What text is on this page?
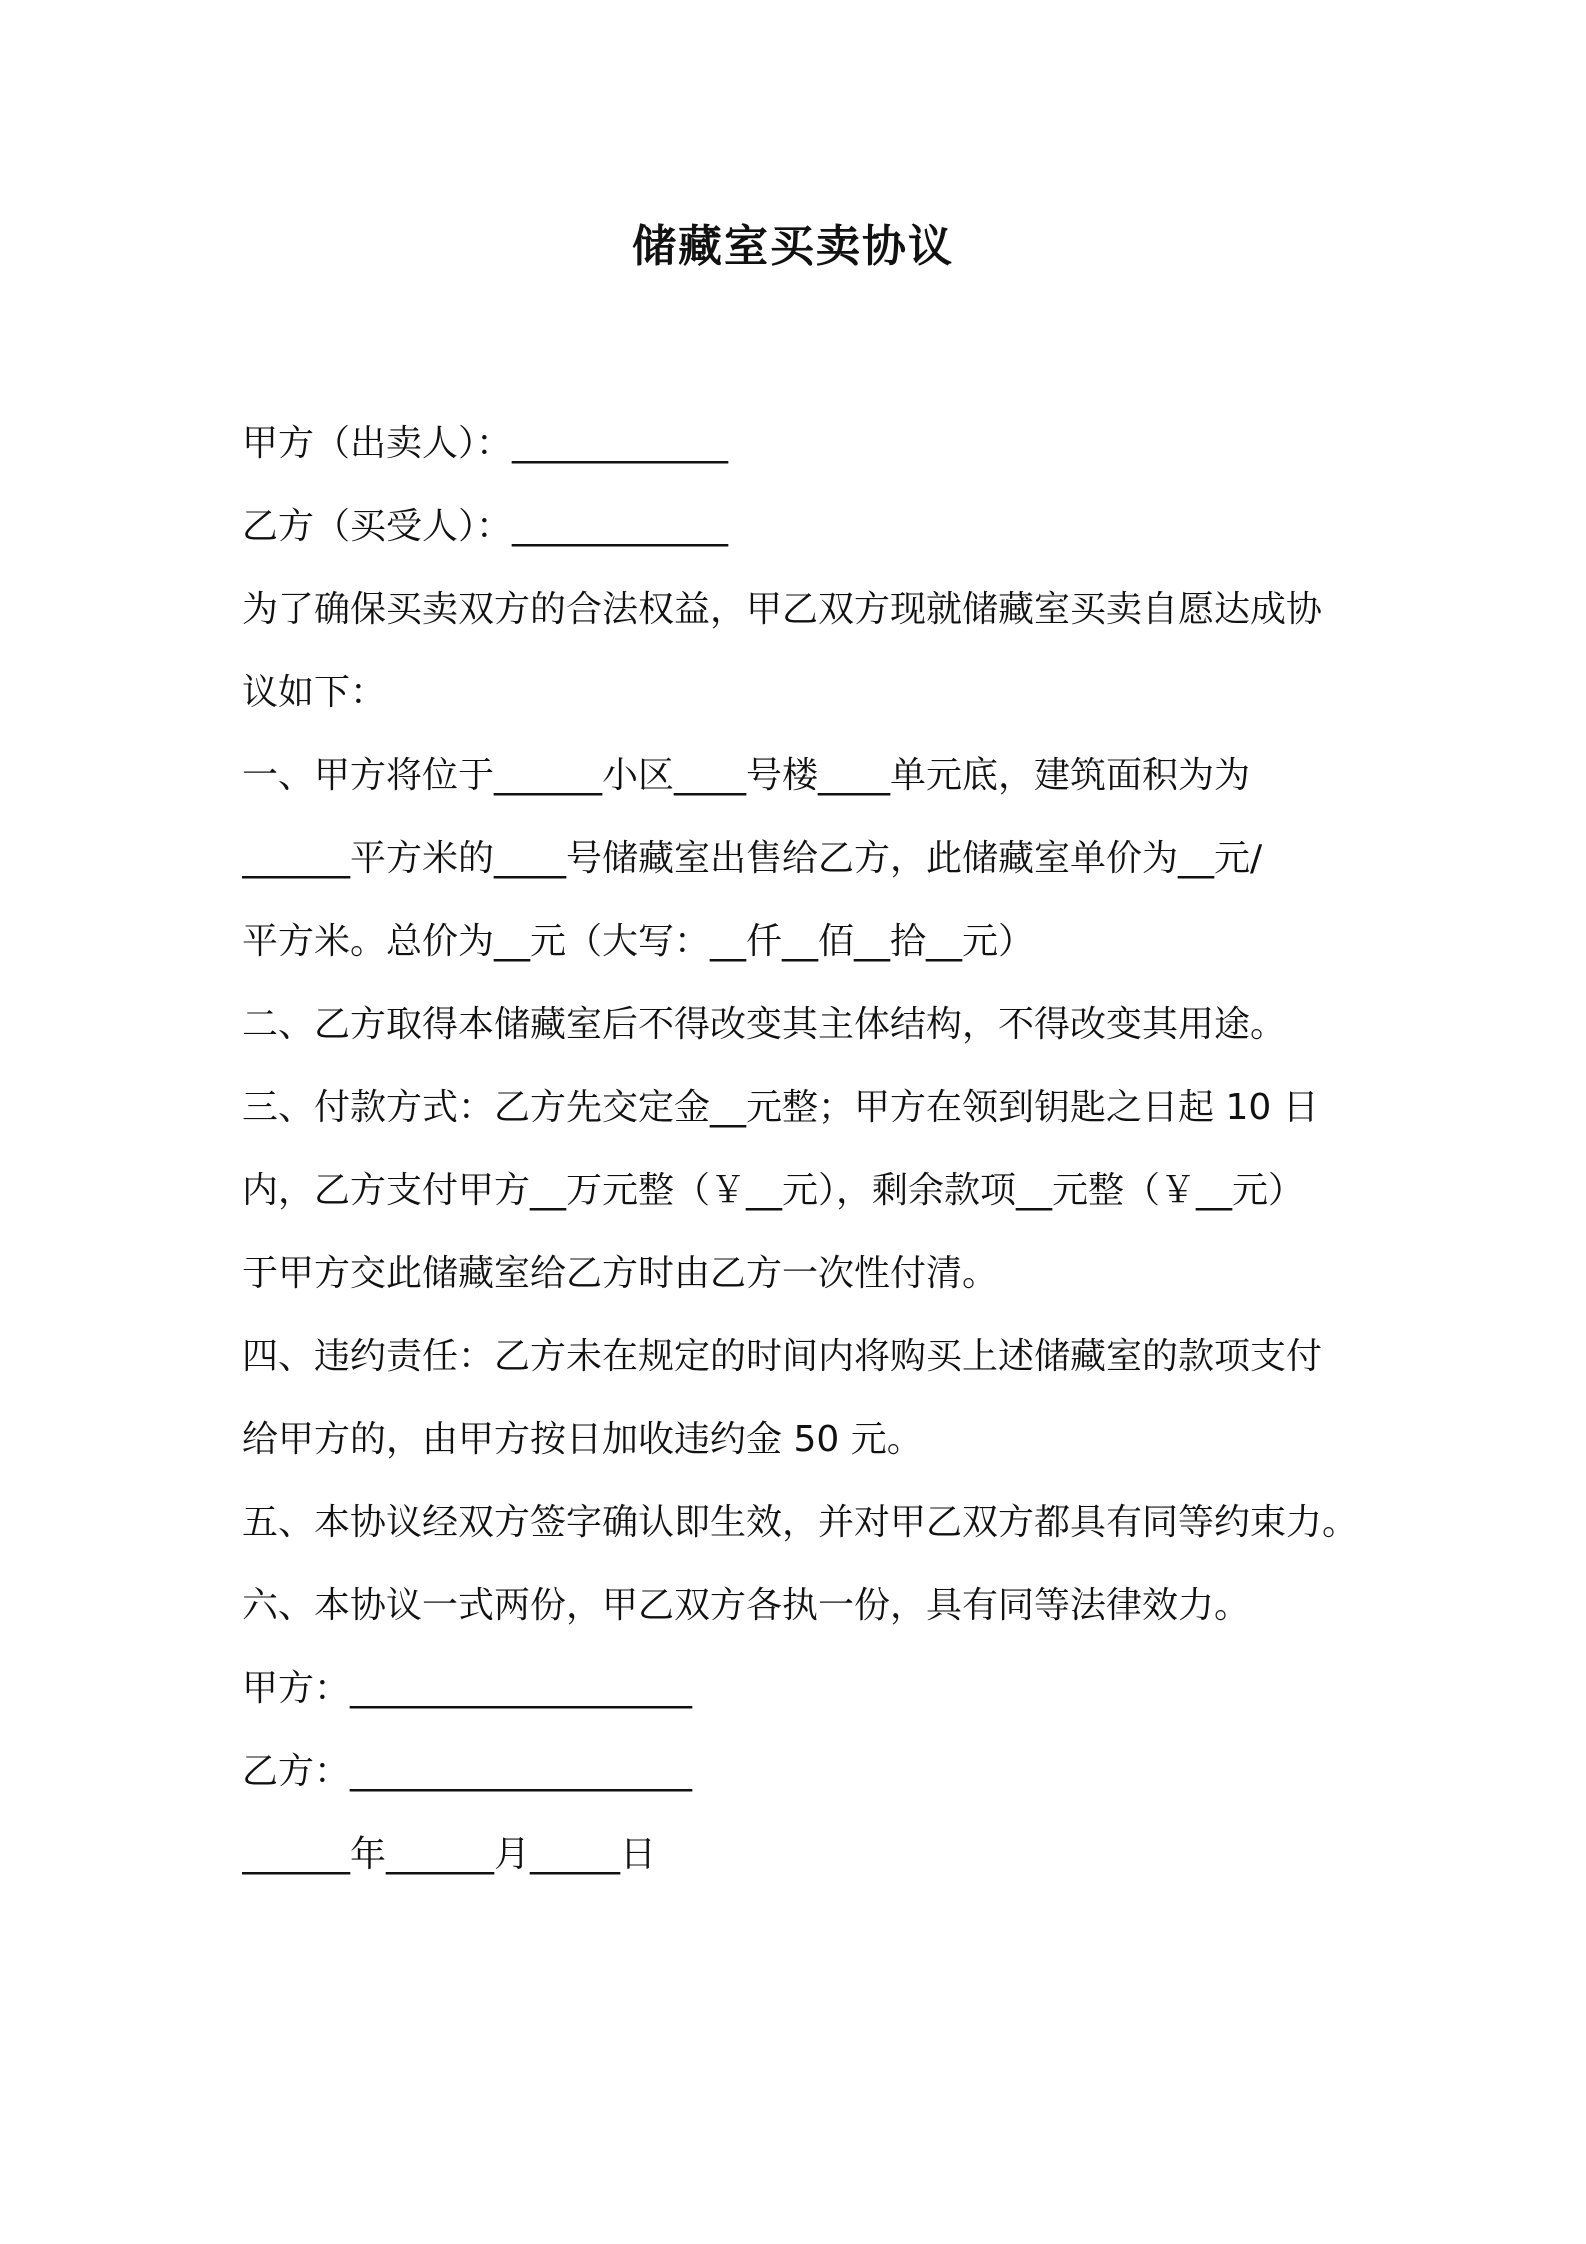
储藏室买卖协议

甲方（出卖人）：____________

乙方（买受人）：____________

为了确保买卖双方的合法权益，甲乙双方现就储藏室买卖自愿达成协

议如下：

一、甲方将位于______小区____号楼____单元底，建筑面积为为

______平方米的____号储藏室出售给乙方，此储藏室单价为__元/

平方米。总价为__元（大写：__仟__佰__拾__元）

二、乙方取得本储藏室后不得改变其主体结构，不得改变其用途。

三、付款方式：乙方先交定金__元整；甲方在领到钥匙之日起 10 日

内，乙方支付甲方__万元整（￥__元），剩余款项__元整（￥__元）

于甲方交此储藏室给乙方时由乙方一次性付清。

四、违约责任：乙方未在规定的时间内将购买上述储藏室的款项支付

给甲方的，由甲方按日加收违约金 50 元。

五、本协议经双方签字确认即生效，并对甲乙双方都具有同等约束力。

六、本协议一式两份，甲乙双方各执一份，具有同等法律效力。

甲方：___________________

乙方：___________________

______年______月_____日
